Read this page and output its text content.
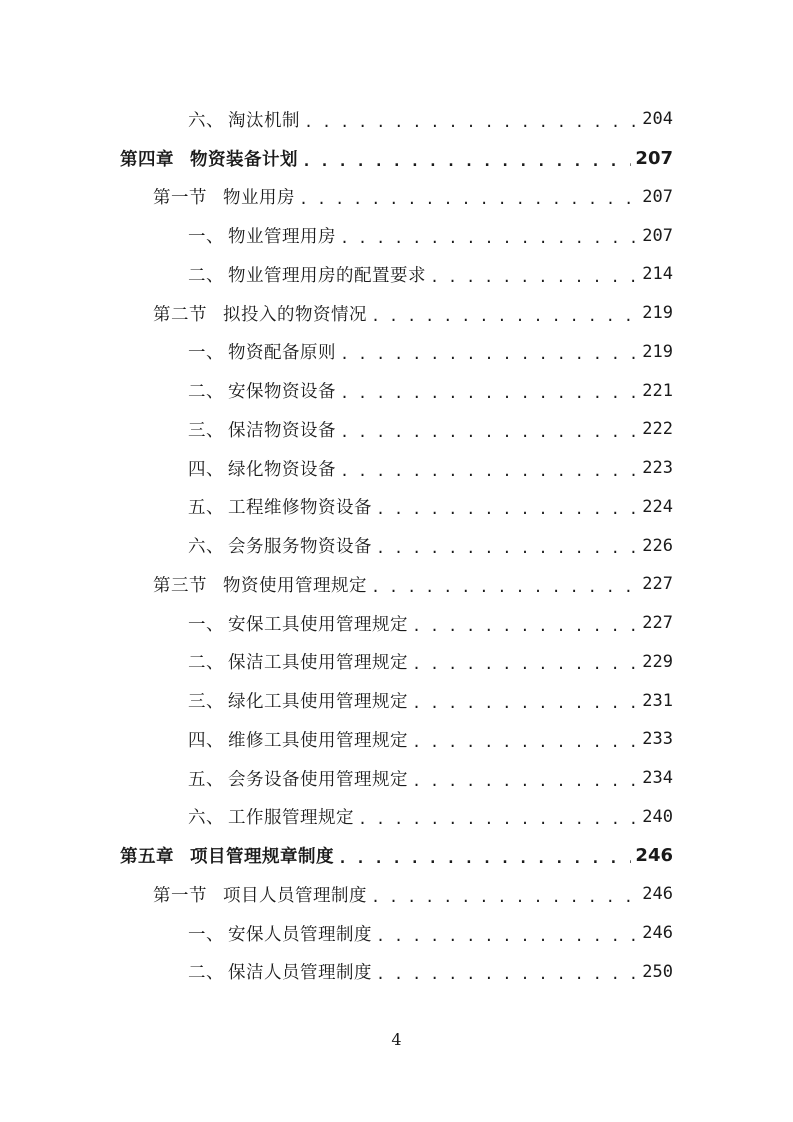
六、 淘汰机制 . . .	204
第四章 物资装备计划 . . .	207
第一节 物业用房 . . .	207
一、 物业管理用房 . . .	207
二、 物业管理用房的配置要求 . . .	214
第二节 拟投入的物资情况 . . .	219
一、 物资配备原则 . . .	219
二、 安保物资设备 . . .	221
三、 保洁物资设备 . . .	222
四、 绿化物资设备 . . .	223
五、 工程维修物资设备 . . .	224
六、 会务服务物资设备 . . .	226
第三节 物资使用管理规定 . . .	227
一、 安保工具使用管理规定 . . .	227
二、 保洁工具使用管理规定 . . .	229
三、 绿化工具使用管理规定 . . .	231
四、 维修工具使用管理规定 . . .	233
五、 会务设备使用管理规定 . . .	234
六、 工作服管理规定 . . .	240
第五章 项目管理规章制度 . . .	246
第一节 项目人员管理制度 . . .	246
一、 安保人员管理制度 . . .	246
二、 保洁人员管理制度 . . .	250
4
